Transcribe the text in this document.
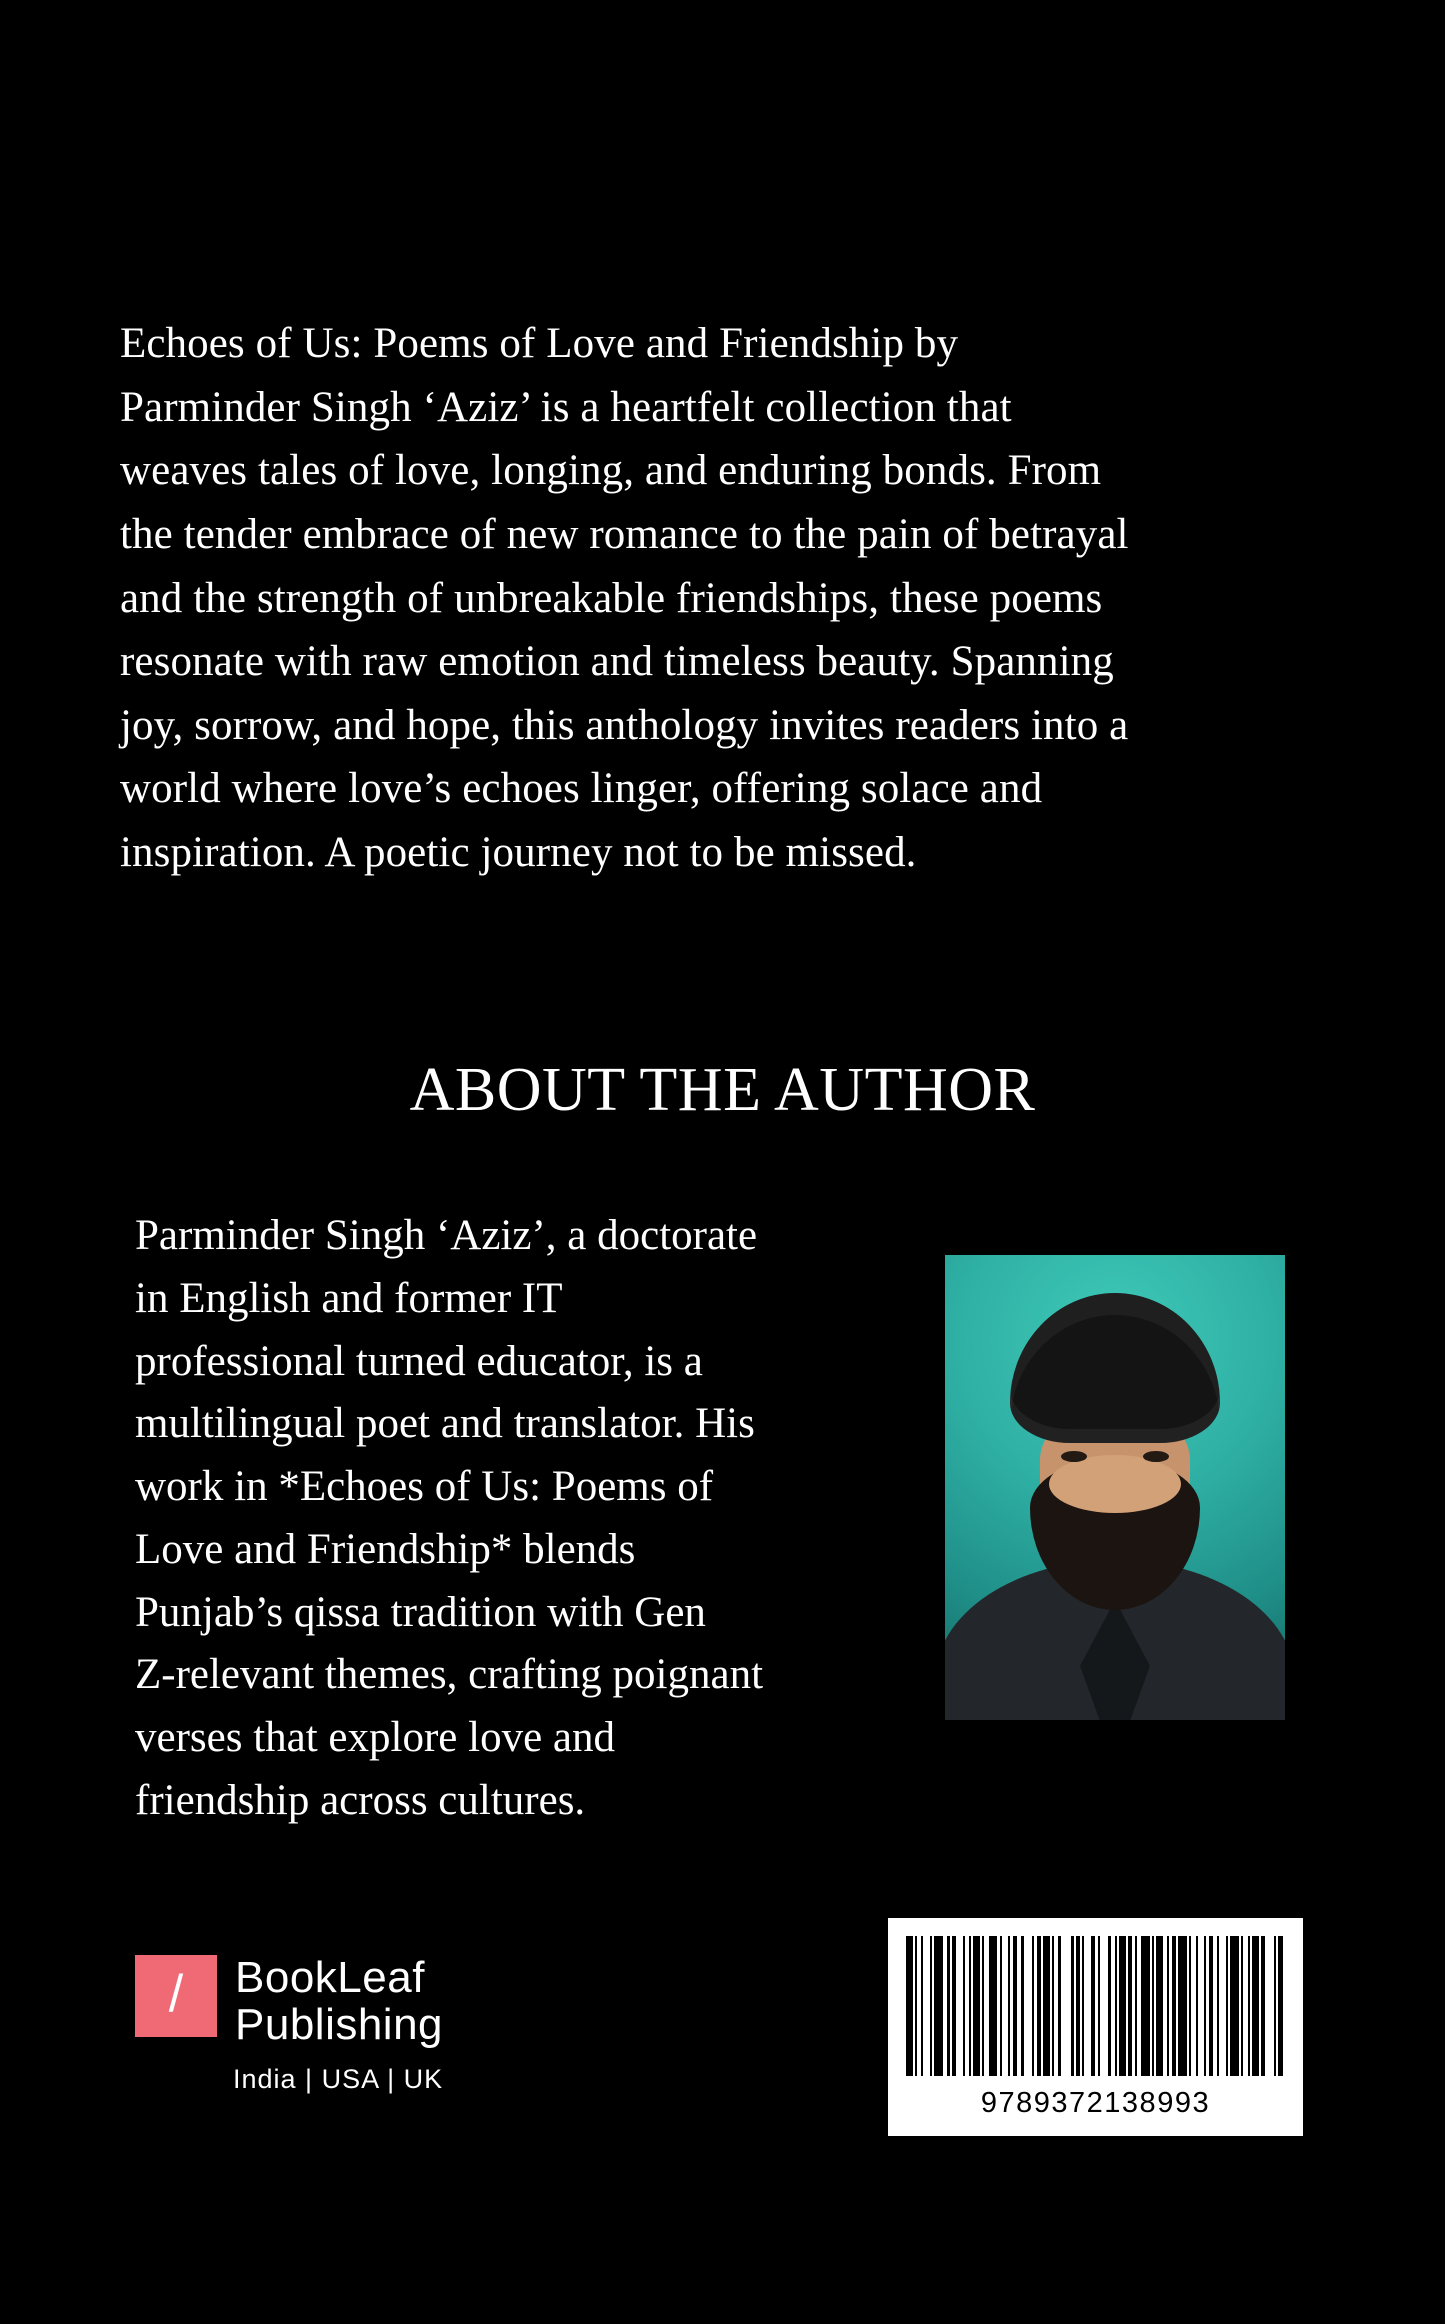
Echoes of Us: Poems of Love and Friendship by
Parminder Singh ‘Aziz’ is a heartfelt collection that
weaves tales of love, longing, and enduring bonds. From
the tender embrace of new romance to the pain of betrayal
and the strength of unbreakable friendships, these poems
resonate with raw emotion and timeless beauty. Spanning
joy, sorrow, and hope, this anthology invites readers into a
world where love’s echoes linger, offering solace and
inspiration. A poetic journey not to be missed.
ABOUT THE AUTHOR
Parminder Singh ‘Aziz’, a doctorate
in English and former IT
professional turned educator, is a
multilingual poet and translator. His
work in *Echoes of Us: Poems of
Love and Friendship* blends
Punjab’s qissa tradition with Gen
Z-relevant themes, crafting poignant
verses that explore love and
friendship across cultures.
/ BookLeaf
Publishing
India | USA | UK
9789372138993
